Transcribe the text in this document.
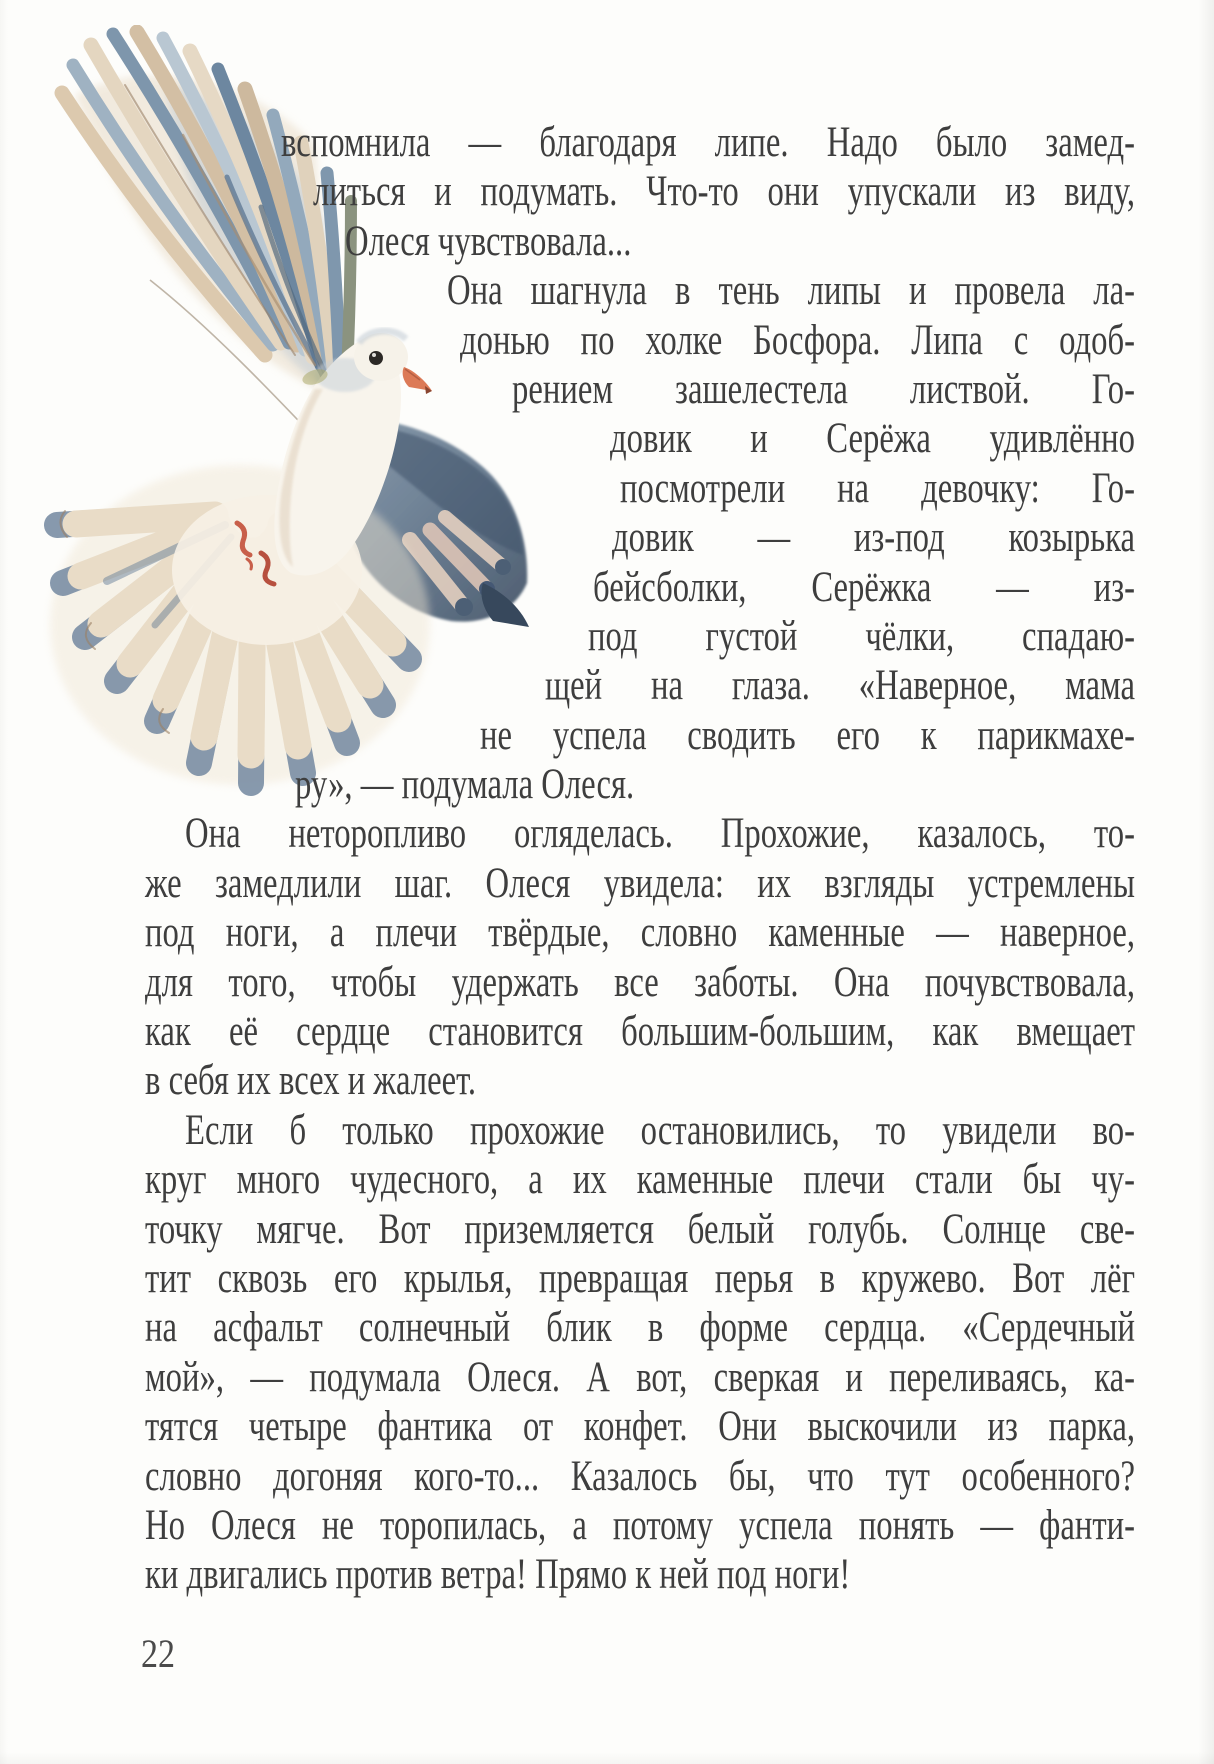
вспомнила — благодаря липе. Надо было замед-
литься и подумать. Что-то они упускали из виду,
Олеся чувствовала...
Она шагнула в тень липы и провела ла-
донью по холке Босфора. Липа с одоб-
рением зашелестела листвой. Го-
довик и Серёжа удивлённо
посмотрели на девочку: Го-
довик — из-под козырька
бейсболки, Серёжка — из-
под густой чёлки, спадаю-
щей на глаза. «Наверное, мама
не успела сводить его к парикмахе-
ру», — подумала Олеся.
Она неторопливо огляделась. Прохожие, казалось, то-
же замедлили шаг. Олеся увидела: их взгляды устремлены
под ноги, а плечи твёрдые, словно каменные — наверное,
для того, чтобы удержать все заботы. Она почувствовала,
как её сердце становится большим-большим, как вмещает
в себя их всех и жалеет.
Если б только прохожие остановились, то увидели во-
круг много чудесного, а их каменные плечи стали бы чу-
точку мягче. Вот приземляется белый голубь. Солнце све-
тит сквозь его крылья, превращая перья в кружево. Вот лёг
на асфальт солнечный блик в форме сердца. «Сердечный
мой», — подумала Олеся. А вот, сверкая и переливаясь, ка-
тятся четыре фантика от конфет. Они выскочили из парка,
словно догоняя кого-то... Казалось бы, что тут особенного?
Но Олеся не торопилась, а потому успела понять — фанти-
ки двигались против ветра! Прямо к ней под ноги!
22
